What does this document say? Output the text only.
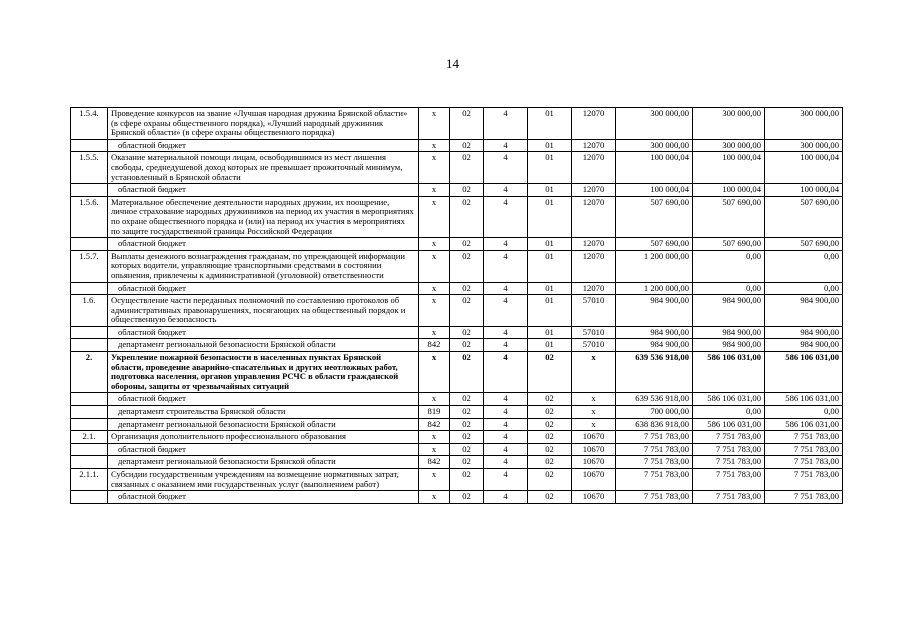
14
1.5.4.	Проведение конкурсов на звание «Лучшая народная дружина Брянской области» (в сфере охраны общественного порядка), «Лучший народный дружинник Брянской области» (в сфере охраны общественного порядка)	х	02	4	01	12070	300 000,00	300 000,00	300 000,00
	областной бюджет	х	02	4	01	12070	300 000,00	300 000,00	300 000,00
1.5.5.	Оказание материальной помощи лицам, освободившимся из мест лишения свободы, среднедушевой доход которых не превышает прожиточный минимум, установленный в Брянской области	х	02	4	01	12070	100 000,04	100 000,04	100 000,04
	областной бюджет	х	02	4	01	12070	100 000,04	100 000,04	100 000,04
1.5.6.	Материальное обеспечение деятельности народных дружин, их поощрение, личное страхование народных дружинников на период их участия в мероприятиях по охране общественного порядка и (или) на период их участия в мероприятиях по защите государственной границы Российской Федерации	х	02	4	01	12070	507 690,00	507 690,00	507 690,00
	областной бюджет	х	02	4	01	12070	507 690,00	507 690,00	507 690,00
1.5.7.	Выплаты денежного вознаграждения гражданам, по упреждающей информации которых водители, управляющие транспортными средствами в состоянии опьянения, привлечены к административной (уголовной) ответственности	х	02	4	01	12070	1 200 000,00	0,00	0,00
	областной бюджет	х	02	4	01	12070	1 200 000,00	0,00	0,00
1.6.	Осуществление части переданных полномочий по составлению протоколов об административных правонарушениях, посягающих на общественный порядок и общественную безопасность	х	02	4	01	57010	984 900,00	984 900,00	984 900,00
	областной бюджет	х	02	4	01	57010	984 900,00	984 900,00	984 900,00
	департамент региональной безопасности Брянской области	842	02	4	01	57010	984 900,00	984 900,00	984 900,00
2.	Укрепление пожарной безопасности в населенных пунктах Брянской области, проведение аварийно-спасательных и других неотложных работ, подготовка населения, органов управления РСЧС в области гражданской обороны, защиты от чрезвычайных ситуаций	х	02	4	02	х	639 536 918,00	586 106 031,00	586 106 031,00
	областной бюджет	х	02	4	02	х	639 536 918,00	586 106 031,00	586 106 031,00
	департамент строительства Брянской области	819	02	4	02	х	700 000,00	0,00	0,00
	департамент региональной безопасности Брянской области	842	02	4	02	х	638 836 918,00	586 106 031,00	586 106 031,00
2.1.	Организация дополнительного профессионального образования	х	02	4	02	10670	7 751 783,00	7 751 783,00	7 751 783,00
	областной бюджет	х	02	4	02	10670	7 751 783,00	7 751 783,00	7 751 783,00
	департамент региональной безопасности Брянской области	842	02	4	02	10670	7 751 783,00	7 751 783,00	7 751 783,00
2.1.1.	Субсидии государственным учреждениям на возмещение нормативных затрат, связанных с оказанием ими государственных услуг (выполнением работ)	х	02	4	02	10670	7 751 783,00	7 751 783,00	7 751 783,00
	областной бюджет	х	02	4	02	10670	7 751 783,00	7 751 783,00	7 751 783,00
